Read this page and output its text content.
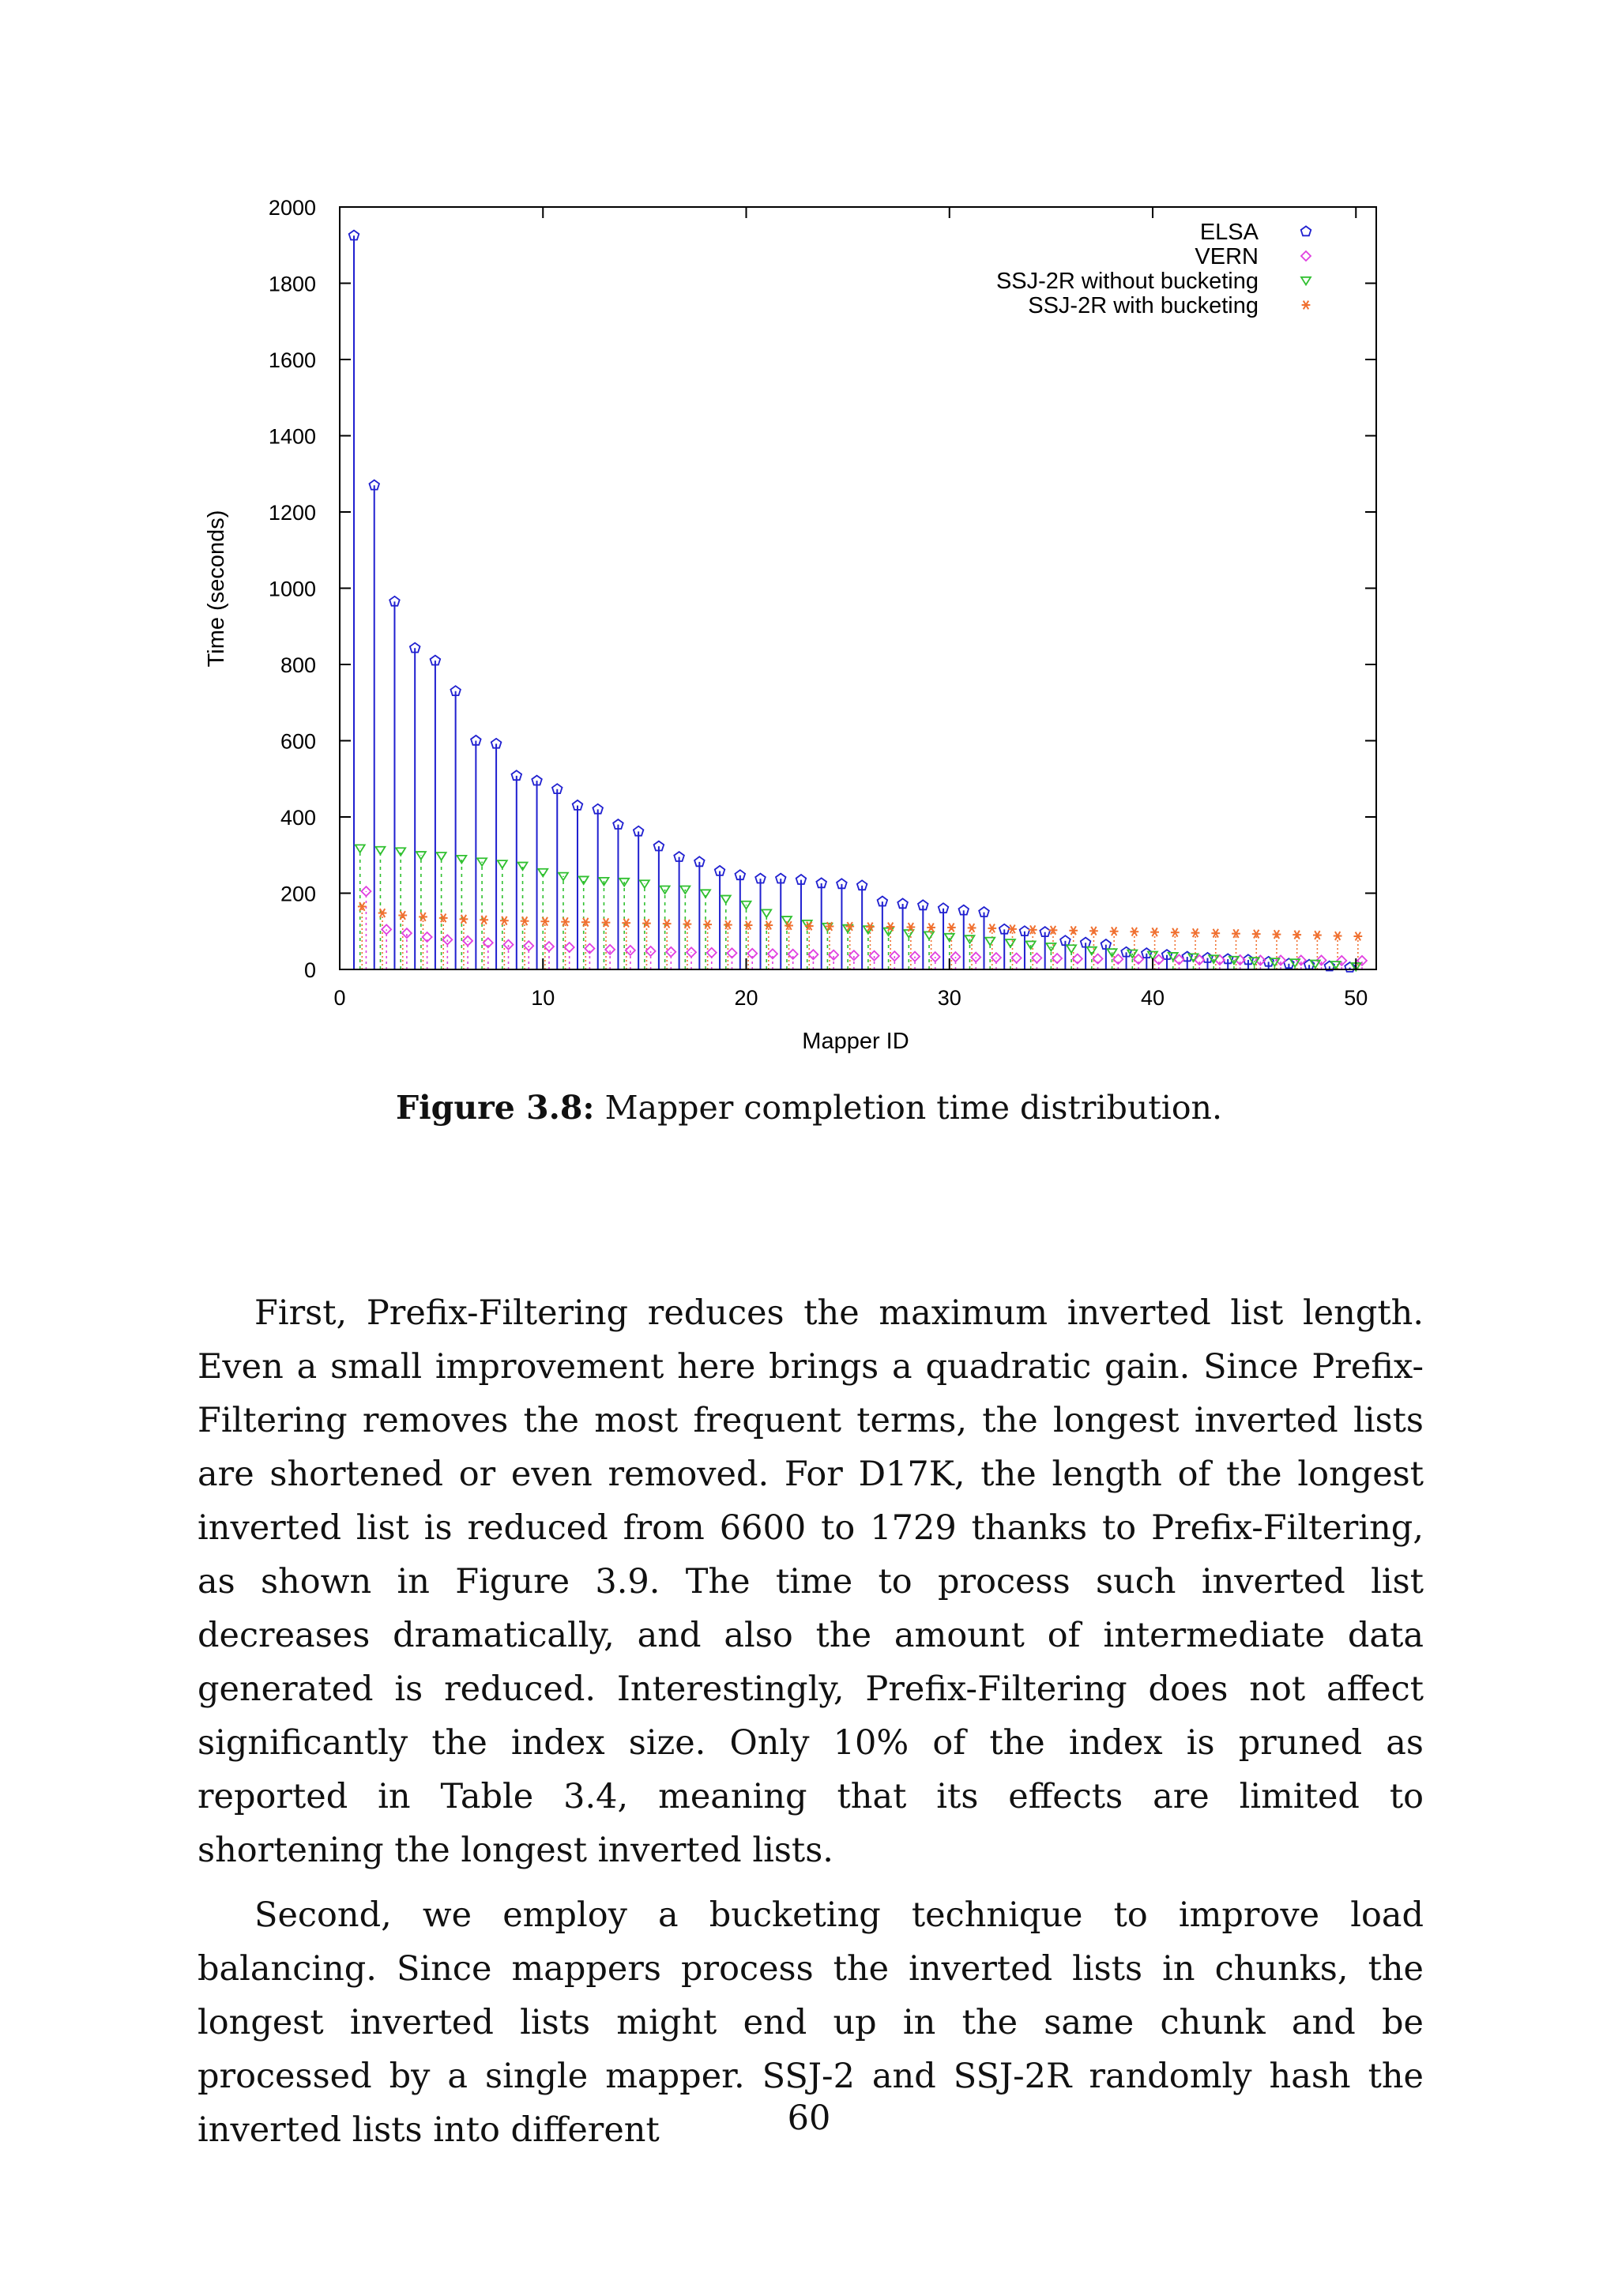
0	10	20	30	40	50
0
200
400
600
800
1000
1200
1400
1600
1800
2000
Mapper ID
Time (seconds)
ELSA
VERN
SSJ-2R without bucketing
SSJ-2R with bucketing
Figure 3.8: Mapper completion time distribution.

First, Prefix-Filtering reduces the maximum inverted list length. Even a small improvement here brings a quadratic gain. Since Prefix-Filtering removes the most frequent terms, the longest inverted lists are shortened or even removed. For D17K, the length of the longest inverted list is reduced from 6600 to 1729 thanks to Prefix-Filtering, as shown in Figure 3.9. The time to process such inverted list decreases dramatically, and also the amount of intermediate data generated is reduced. Interestingly, Prefix-Filtering does not affect significantly the index size. Only 10% of the index is pruned as reported in Table 3.4, meaning that its effects are limited to shortening the longest inverted lists.

Second, we employ a bucketing technique to improve load balancing. Since mappers process the inverted lists in chunks, the longest inverted lists might end up in the same chunk and be processed by a single mapper. SSJ-2 and SSJ-2R randomly hash the inverted lists into different	60
